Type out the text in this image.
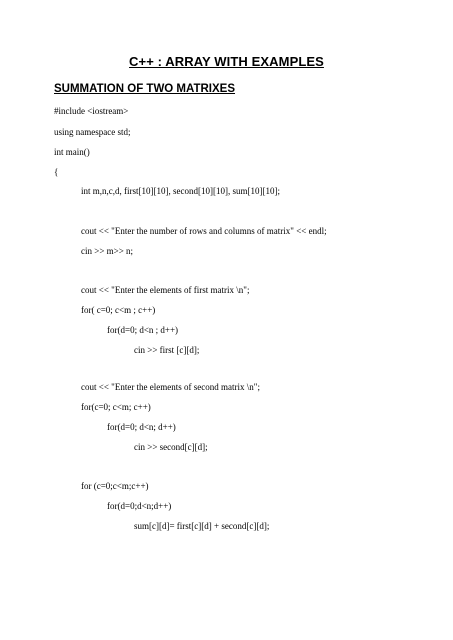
C++ : ARRAY WITH EXAMPLES
SUMMATION OF TWO MATRIXES
#include <iostream>
using namespace std;
int main()
{
int m,n,c,d, first[10][10], second[10][10], sum[10][10];
cout << "Enter the number of rows and columns of matrix" << endl;
cin >> m>> n;
cout << "Enter the elements of first matrix \n";
for( c=0; c<m ; c++)
for(d=0; d<n ; d++)
cin >> first [c][d];
cout << "Enter the elements of second matrix \n";
for(c=0; c<m; c++)
for(d=0; d<n; d++)
cin >> second[c][d];
for (c=0;c<m;c++)
for(d=0;d<n;d++)
sum[c][d]= first[c][d] + second[c][d];
